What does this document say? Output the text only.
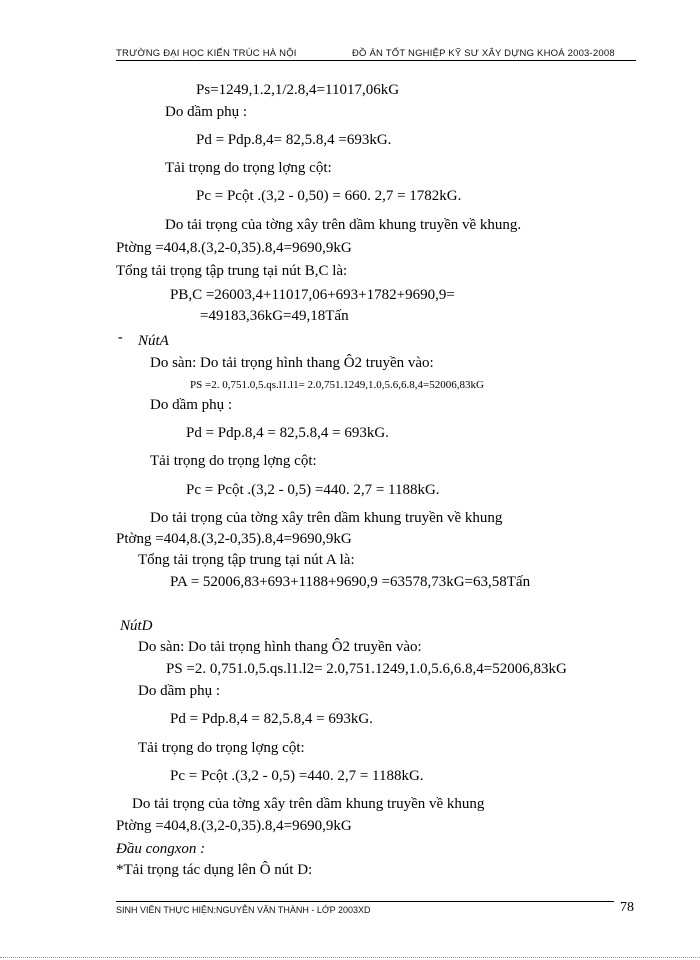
TRƯỜNG ĐẠI HỌC KIẾN TRÚC HÀ NỘI	ĐỒ ÁN TỐT NGHIỆP KỸ SƯ XÂY DỰNG KHOÁ 2003-2008
Ps=1249,1.2,1/2.8,4=11017,06kG
Do dầm phụ :
Pd = Pdp.8,4= 82,5.8,4 =693kG.
Tải trọng do trọng lợng cột:
Pc = Pcột .(3,2 - 0,50) = 660. 2,7 = 1782kG.
Do tải trọng của tờng xây trên dầm khung truyền về khung.
Ptờng =404,8.(3,2-0,35).8,4=9690,9kG
Tổng tải trọng tập trung tại nút B,C là:
PB,C =26003,4+11017,06+693+1782+9690,9=
=49183,36kG=49,18Tấn
- NútA
Do sàn: Do tải trọng hình thang Ô2 truyền vào:
PS =2. 0,751.0,5.qs.l1.l1= 2.0,751.1249,1.0,5.6,6.8,4=52006,83kG
Do dầm phụ :
Pd = Pdp.8,4 = 82,5.8,4 = 693kG.
Tải trọng do trọng lợng cột:
Pc = Pcột .(3,2 - 0,5) =440. 2,7 = 1188kG.
Do tải trọng của tờng xây trên dầm khung truyền về khung
Ptờng =404,8.(3,2-0,35).8,4=9690,9kG
Tổng tải trọng tập trung tại nút A là:
PA = 52006,83+693+1188+9690,9 =63578,73kG=63,58Tấn
NútD
Do sàn: Do tải trọng hình thang Ô2 truyền vào:
PS =2. 0,751.0,5.qs.l1.l2= 2.0,751.1249,1.0,5.6,6.8,4=52006,83kG
Do dầm phụ :
Pd = Pdp.8,4 = 82,5.8,4 = 693kG.
Tải trọng do trọng lợng cột:
Pc = Pcột .(3,2 - 0,5) =440. 2,7 = 1188kG.
Do tải trọng của tờng xây trên dầm khung truyền về khung
Ptờng =404,8.(3,2-0,35).8,4=9690,9kG
Đầu congxon :
*Tải trọng tác dụng lên Ô nút D:
SINH VIÊN THỰC HIỆN:NGUYỄN VĂN THÀNH - LỚP 2003XD	78
